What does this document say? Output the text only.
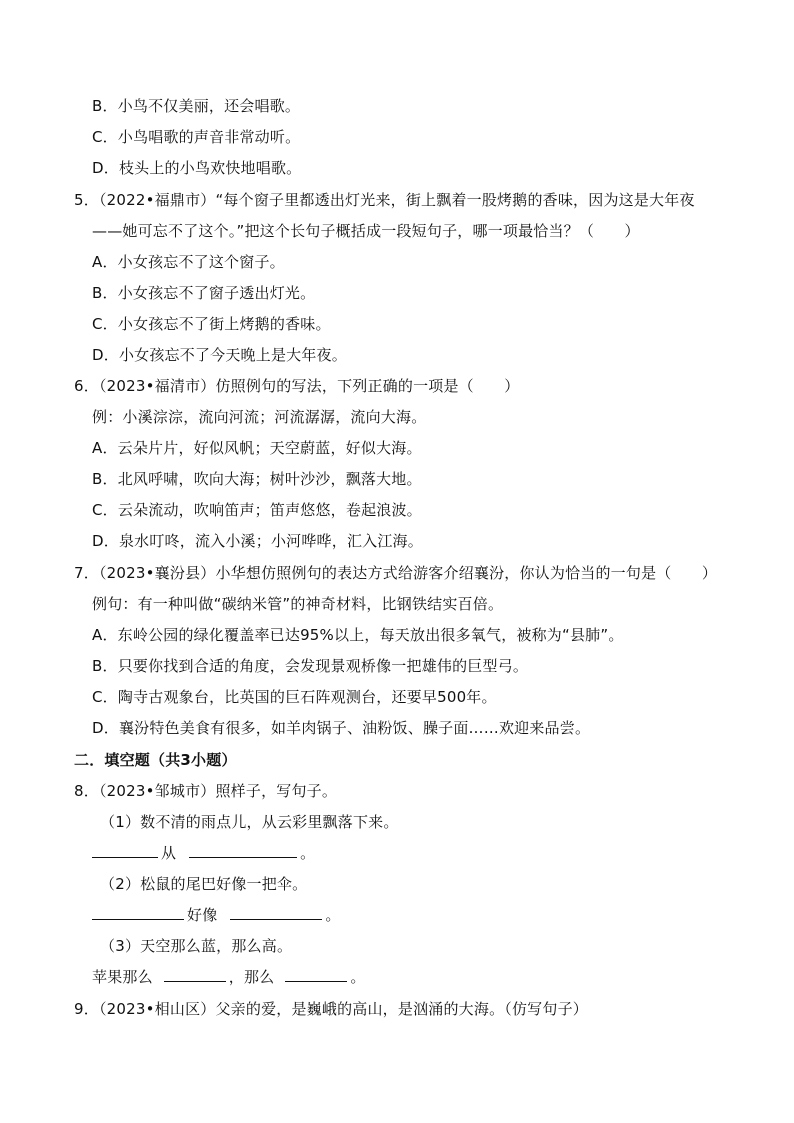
B．小鸟不仅美丽，还会唱歌。
C．小鸟唱歌的声音非常动听。
D．枝头上的小鸟欢快地唱歌。
5．（2022•福鼎市）“每个窗子里都透出灯光来，街上飘着一股烤鹅的香味，因为这是大年夜
——她可忘不了这个。”把这个长句子概括成一段短句子，哪一项最恰当？（　　）
A．小女孩忘不了这个窗子。
B．小女孩忘不了窗子透出灯光。
C．小女孩忘不了街上烤鹅的香味。
D．小女孩忘不了今天晚上是大年夜。
6．（2023•福清市）仿照例句的写法，下列正确的一项是（　　）
例：小溪淙淙，流向河流；河流潺潺，流向大海。
A．云朵片片，好似风帆；天空蔚蓝，好似大海。
B．北风呼啸，吹向大海；树叶沙沙，飘落大地。
C．云朵流动，吹响笛声；笛声悠悠，卷起浪波。
D．泉水叮咚，流入小溪；小河哗哗，汇入江海。
7．（2023•襄汾县）小华想仿照例句的表达方式给游客介绍襄汾，你认为恰当的一句是（　　）
例句：有一种叫做“碳纳米管”的神奇材料，比钢铁结实百倍。
A．东岭公园的绿化覆盖率已达95%以上，每天放出很多氧气，被称为“县肺”。
B．只要你找到合适的角度，会发现景观桥像一把雄伟的巨型弓。
C．陶寺古观象台，比英国的巨石阵观测台，还要早500年。
D．襄汾特色美食有很多，如羊肉锅子、油粉饭、臊子面……欢迎来品尝。
二．填空题（共3小题）
8．（2023•邹城市）照样子，写句子。
（1）数不清的雨点儿，从云彩里飘落下来。
从	。
（2）松鼠的尾巴好像一把伞。
好像	。
（3）天空那么蓝，那么高。
苹果那么	，那么	。
9．（2023•相山区）父亲的爱，是巍峨的高山，是汹涌的大海。（仿写句子）
